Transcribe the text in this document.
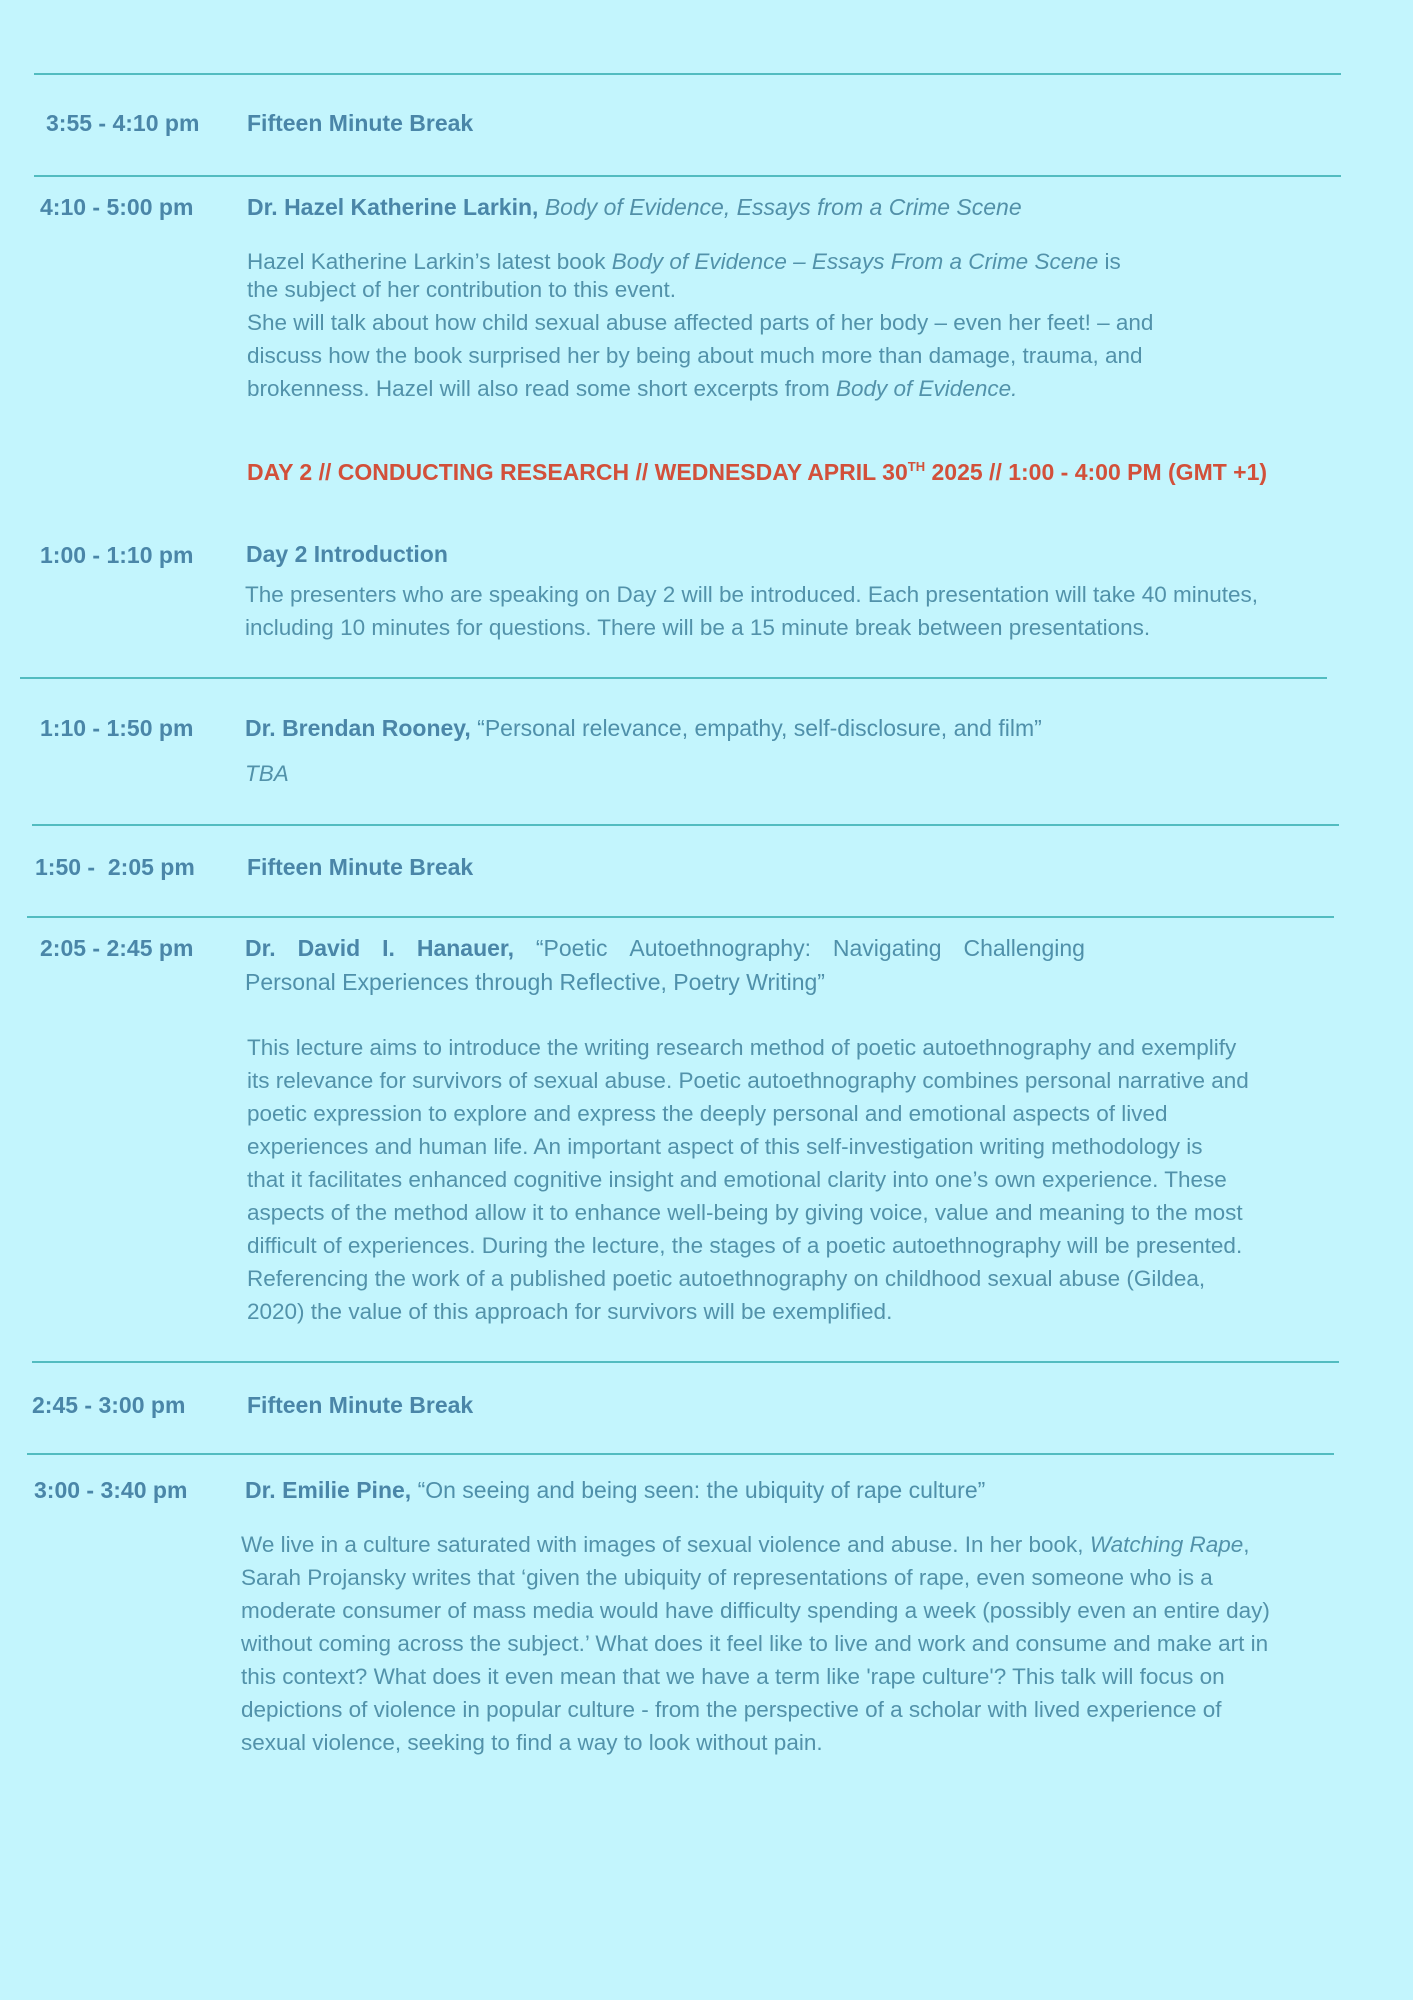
3:55 - 4:10 pm Fifteen Minute Break
4:10 - 5:00 pm Dr. Hazel Katherine Larkin, Body of Evidence, Essays from a Crime Scene
Hazel Katherine Larkin’s latest book Body of Evidence – Essays From a Crime Scene is
the subject of her contribution to this event.
She will talk about how child sexual abuse affected parts of her body – even her feet! – and
discuss how the book surprised her by being about much more than damage, trauma, and
brokenness. Hazel will also read some short excerpts from Body of Evidence.
DAY 2 // CONDUCTING RESEARCH // WEDNESDAY APRIL 30TH 2025 // 1:00 - 4:00 PM (GMT +1)
1:00 - 1:10 pm Day 2 Introduction
The presenters who are speaking on Day 2 will be introduced. Each presentation will take 40 minutes,
including 10 minutes for questions. There will be a 15 minute break between presentations.
1:10 - 1:50 pm Dr. Brendan Rooney, “Personal relevance, empathy, self-disclosure, and film”
TBA
1:50 -  2:05 pm Fifteen Minute Break
2:05 - 2:45 pm Dr. David I. Hanauer, “Poetic Autoethnography: Navigating Challenging
Personal Experiences through Reflective, Poetry Writing”
This lecture aims to introduce the writing research method of poetic autoethnography and exemplify
its relevance for survivors of sexual abuse. Poetic autoethnography combines personal narrative and
poetic expression to explore and express the deeply personal and emotional aspects of lived
experiences and human life. An important aspect of this self-investigation writing methodology is
that it facilitates enhanced cognitive insight and emotional clarity into one’s own experience. These
aspects of the method allow it to enhance well-being by giving voice, value and meaning to the most
difficult of experiences. During the lecture, the stages of a poetic autoethnography will be presented.
Referencing the work of a published poetic autoethnography on childhood sexual abuse (Gildea,
2020) the value of this approach for survivors will be exemplified.
2:45 - 3:00 pm	Fifteen Minute Break
3:00 - 3:40 pm	Dr. Emilie Pine, “On seeing and being seen: the ubiquity of rape culture”
We live in a culture saturated with images of sexual violence and abuse. In her book, Watching Rape,
Sarah Projansky writes that ‘given the ubiquity of representations of rape, even someone who is a
moderate consumer of mass media would have difficulty spending a week (possibly even an entire day)
without coming across the subject.’ What does it feel like to live and work and consume and make art in
this context? What does it even mean that we have a term like 'rape culture'? This talk will focus on
depictions of violence in popular culture - from the perspective of a scholar with lived experience of
sexual violence, seeking to find a way to look without pain.
